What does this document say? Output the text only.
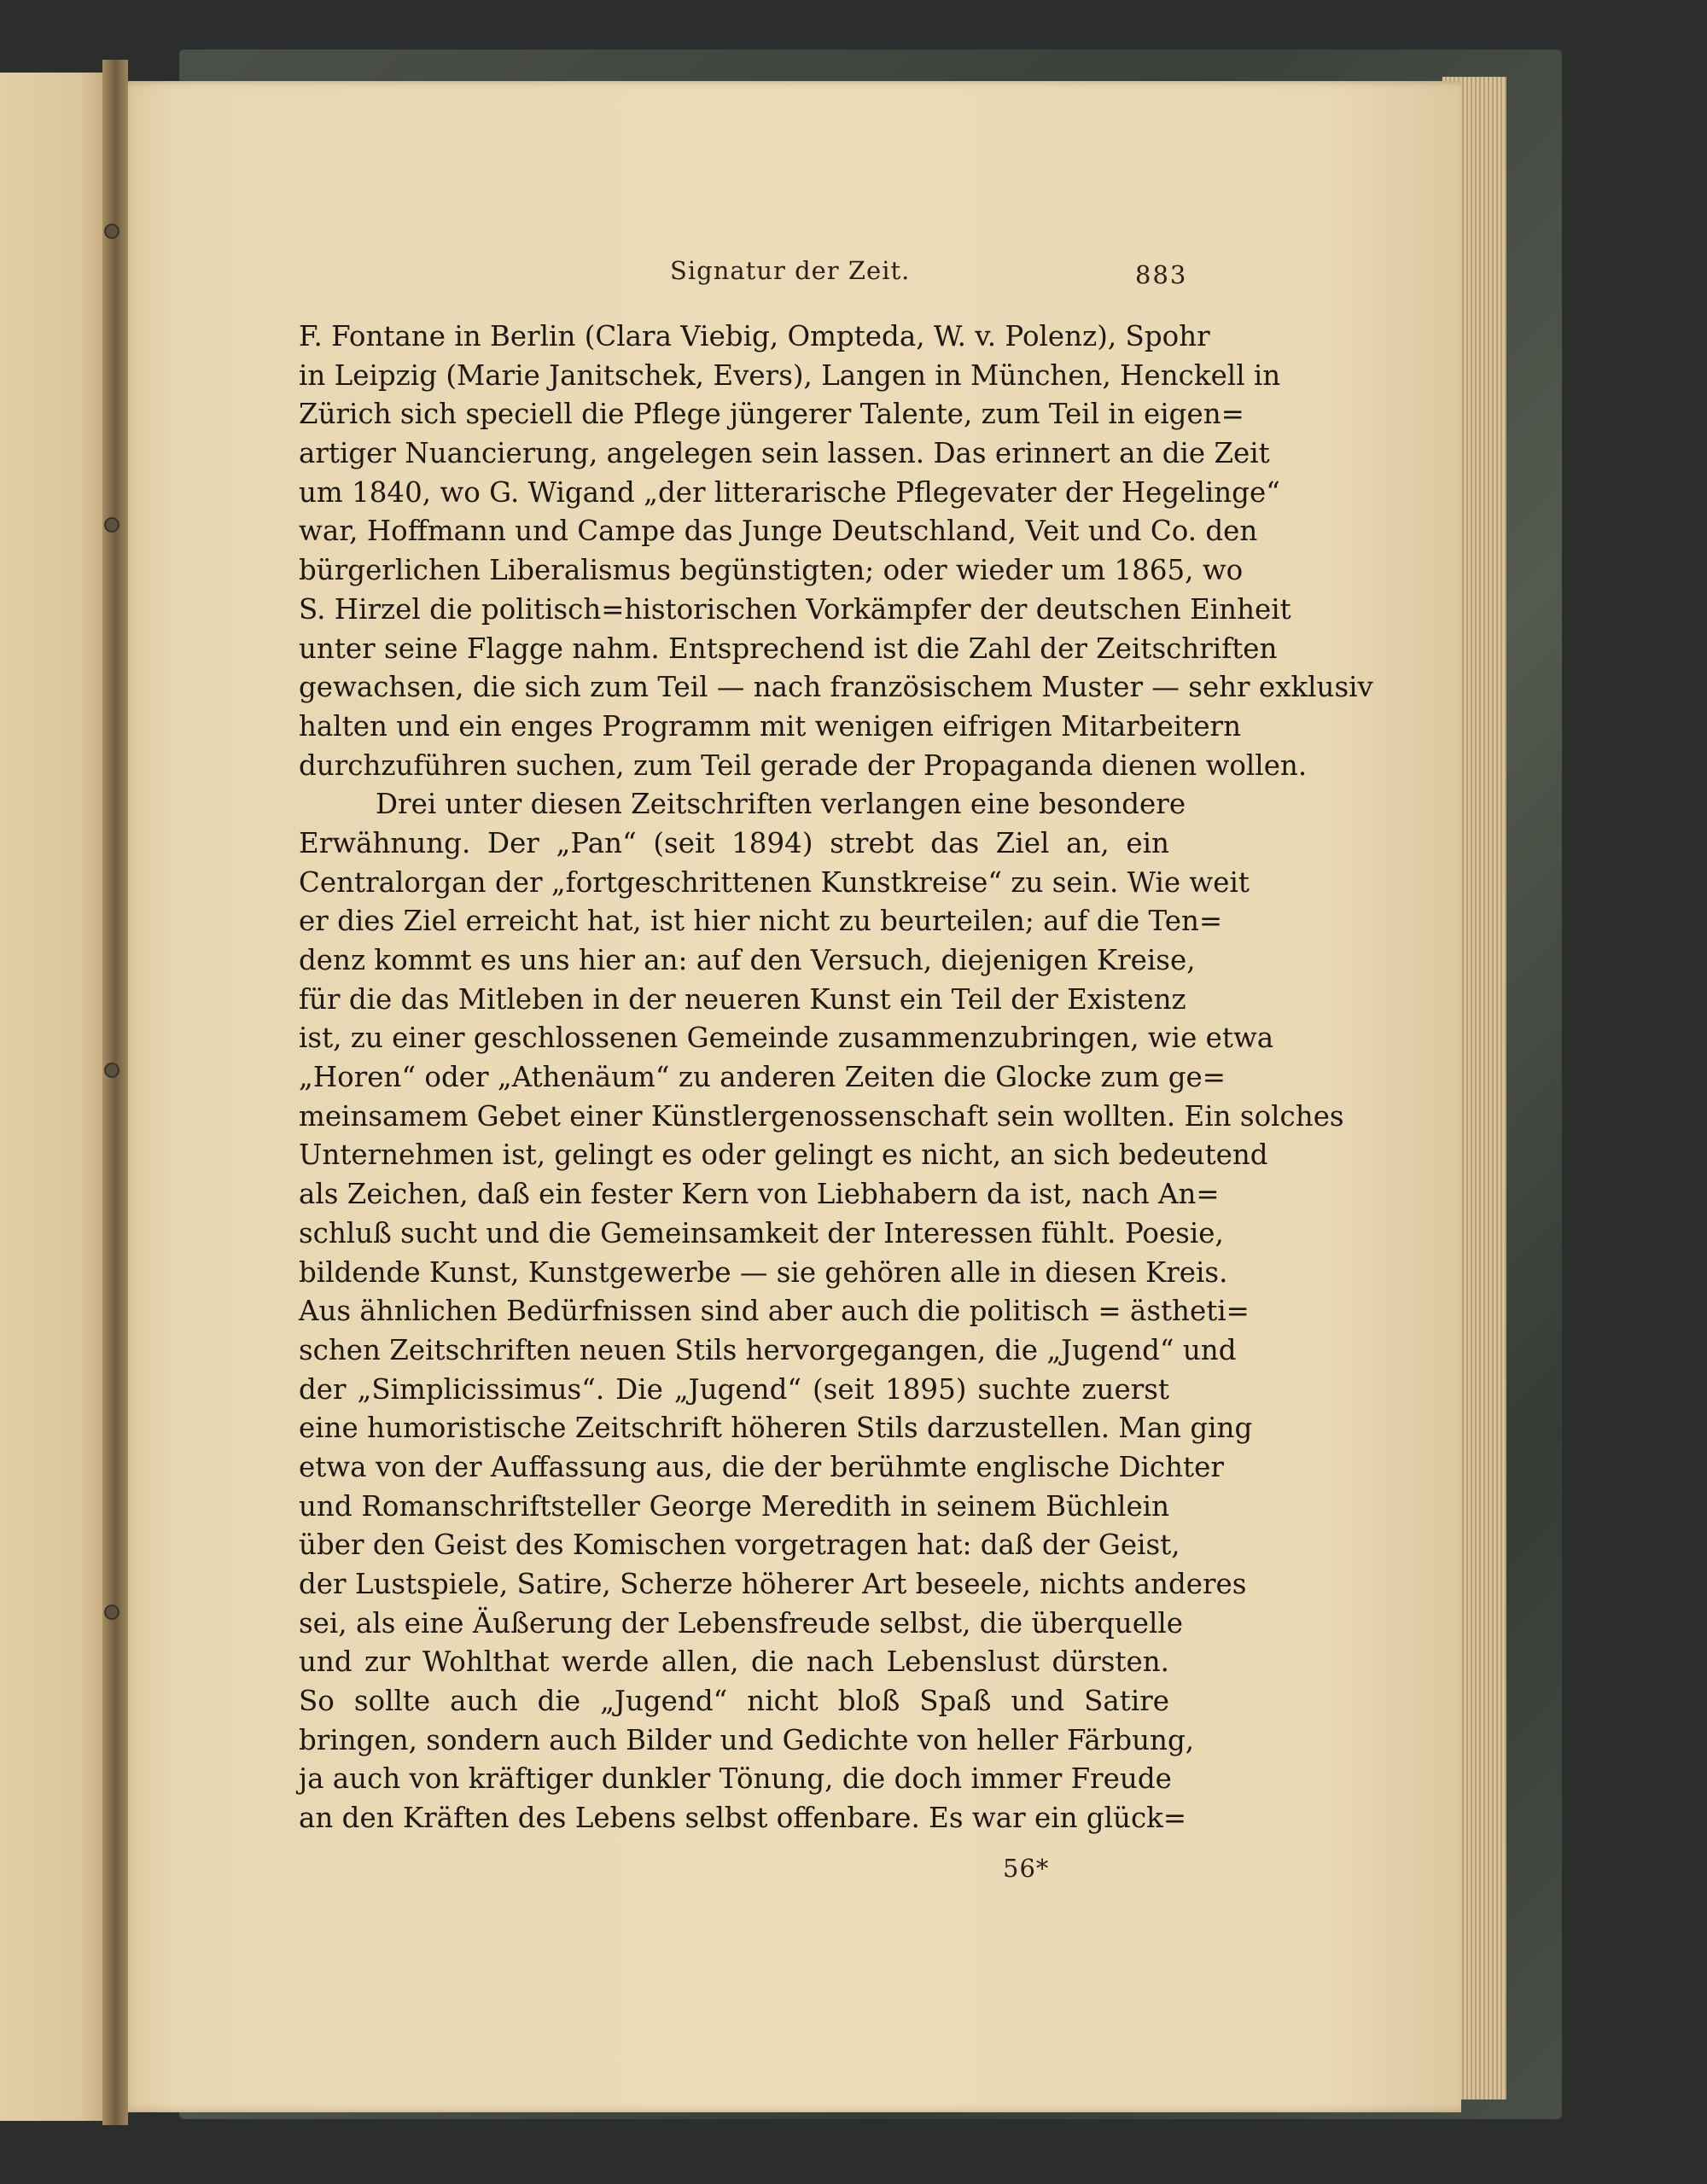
Signatur der Zeit.	883
F. Fontane in Berlin (Clara Viebig, Ompteda, W. v. Polenz), Spohr
in Leipzig (Marie Janitschek, Evers), Langen in München, Henckell in
Zürich sich speciell die Pflege jüngerer Talente, zum Teil in eigen=
artiger Nuancierung, angelegen sein lassen. Das erinnert an die Zeit
um 1840, wo G. Wigand „der litterarische Pflegevater der Hegelinge“
war, Hoffmann und Campe das Junge Deutschland, Veit und Co. den
bürgerlichen Liberalismus begünstigten; oder wieder um 1865, wo
S. Hirzel die politisch=historischen Vorkämpfer der deutschen Einheit
unter seine Flagge nahm. Entsprechend ist die Zahl der Zeitschriften
gewachsen, die sich zum Teil — nach französischem Muster — sehr exklusiv
halten und ein enges Programm mit wenigen eifrigen Mitarbeitern
durchzuführen suchen, zum Teil gerade der Propaganda dienen wollen.
Drei unter diesen Zeitschriften verlangen eine besondere
Erwähnung. Der „Pan“ (seit 1894) strebt das Ziel an, ein
Centralorgan der „fortgeschrittenen Kunstkreise“ zu sein. Wie weit
er dies Ziel erreicht hat, ist hier nicht zu beurteilen; auf die Ten=
denz kommt es uns hier an: auf den Versuch, diejenigen Kreise,
für die das Mitleben in der neueren Kunst ein Teil der Existenz
ist, zu einer geschlossenen Gemeinde zusammenzubringen, wie etwa
„Horen“ oder „Athenäum“ zu anderen Zeiten die Glocke zum ge=
meinsamem Gebet einer Künstlergenossenschaft sein wollten. Ein solches
Unternehmen ist, gelingt es oder gelingt es nicht, an sich bedeutend
als Zeichen, daß ein fester Kern von Liebhabern da ist, nach An=
schluß sucht und die Gemeinsamkeit der Interessen fühlt. Poesie,
bildende Kunst, Kunstgewerbe — sie gehören alle in diesen Kreis.
Aus ähnlichen Bedürfnissen sind aber auch die politisch = ästheti=
schen Zeitschriften neuen Stils hervorgegangen, die „Jugend“ und
der „Simplicissimus“. Die „Jugend“ (seit 1895) suchte zuerst
eine humoristische Zeitschrift höheren Stils darzustellen. Man ging
etwa von der Auffassung aus, die der berühmte englische Dichter
und Romanschriftsteller George Meredith in seinem Büchlein
über den Geist des Komischen vorgetragen hat: daß der Geist,
der Lustspiele, Satire, Scherze höherer Art beseele, nichts anderes
sei, als eine Äußerung der Lebensfreude selbst, die überquelle
und zur Wohlthat werde allen, die nach Lebenslust dürsten.
So sollte auch die „Jugend“ nicht bloß Spaß und Satire
bringen, sondern auch Bilder und Gedichte von heller Färbung,
ja auch von kräftiger dunkler Tönung, die doch immer Freude
an den Kräften des Lebens selbst offenbare. Es war ein glück=
56*
